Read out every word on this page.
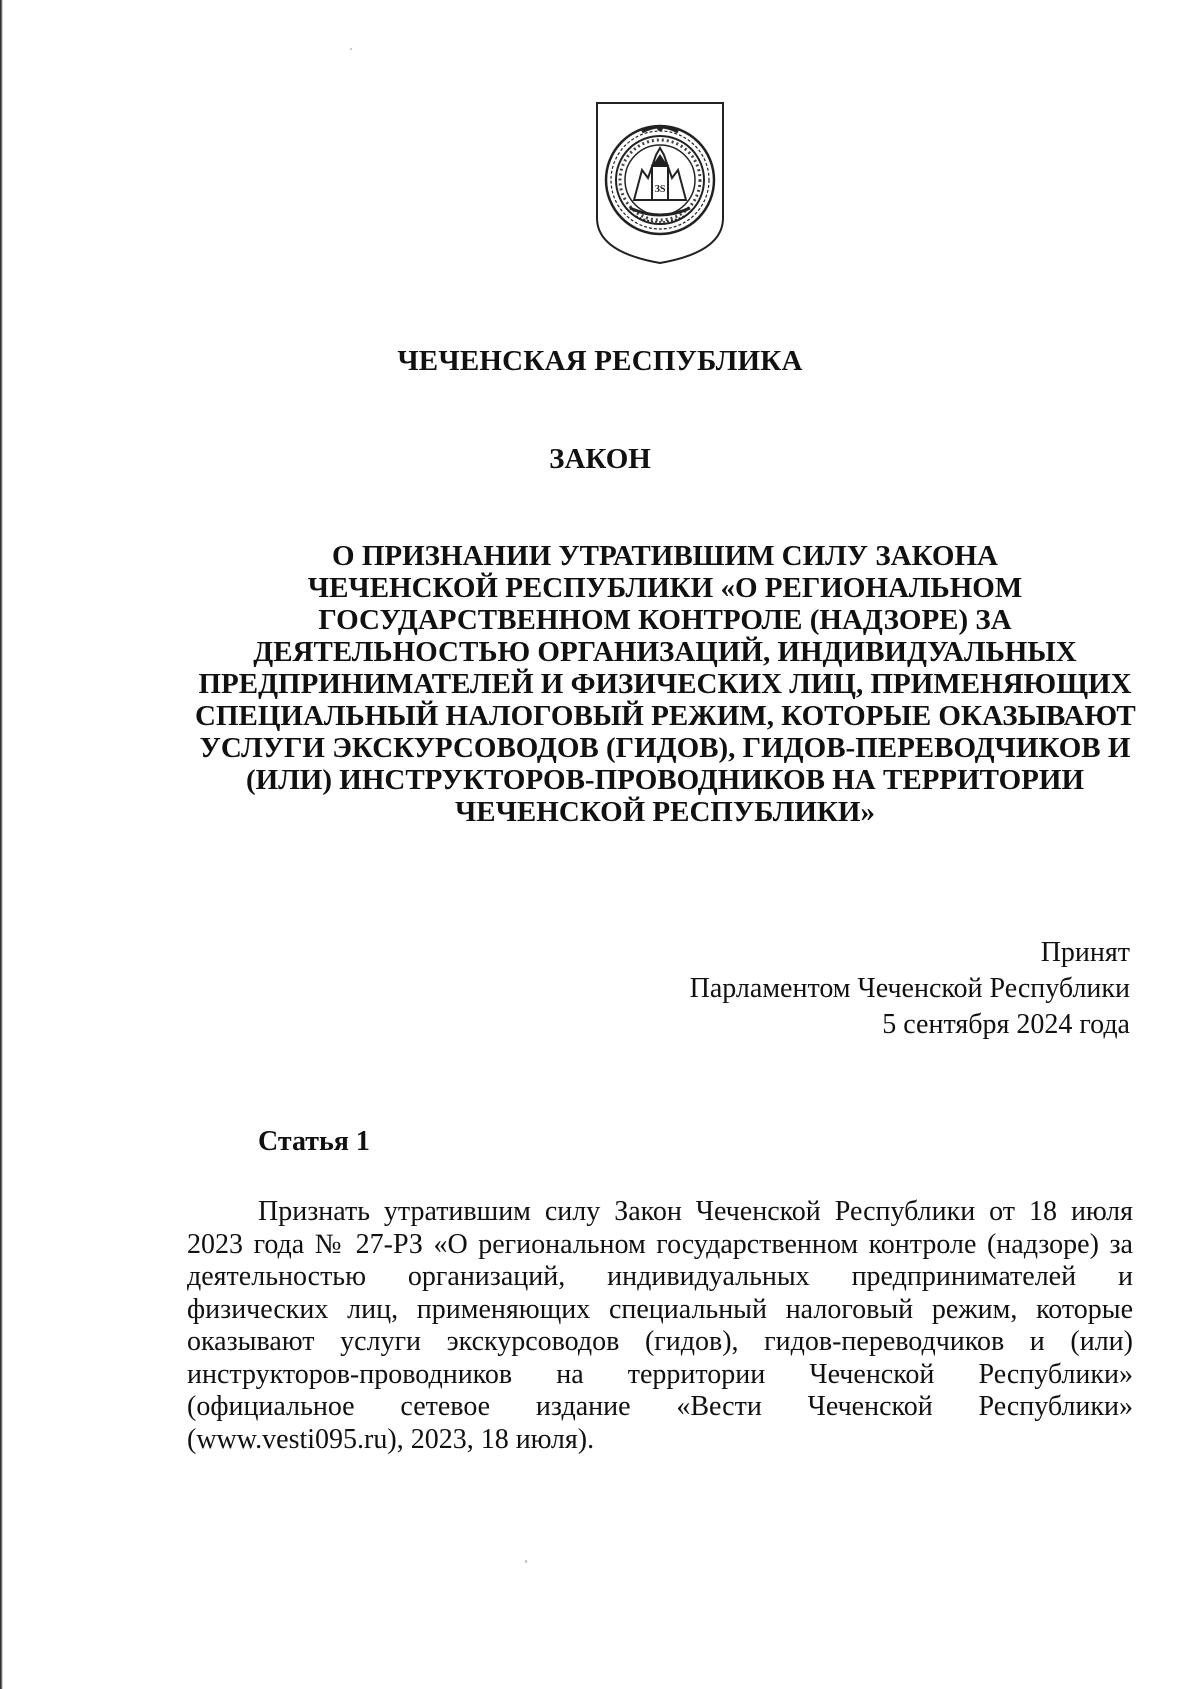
ЗЅ
ЧЕЧЕНСКАЯ РЕСПУБЛИКА
ЗАКОН
О ПРИЗНАНИИ УТРАТИВШИМ СИЛУ ЗАКОНА
ЧЕЧЕНСКОЙ РЕСПУБЛИКИ «О РЕГИОНАЛЬНОМ
ГОСУДАРСТВЕННОМ КОНТРОЛЕ (НАДЗОРЕ) ЗА
ДЕЯТЕЛЬНОСТЬЮ ОРГАНИЗАЦИЙ, ИНДИВИДУАЛЬНЫХ
ПРЕДПРИНИМАТЕЛЕЙ И ФИЗИЧЕСКИХ ЛИЦ, ПРИМЕНЯЮЩИХ
СПЕЦИАЛЬНЫЙ НАЛОГОВЫЙ РЕЖИМ, КОТОРЫЕ ОКАЗЫВАЮТ
УСЛУГИ ЭКСКУРСОВОДОВ (ГИДОВ), ГИДОВ-ПЕРЕВОДЧИКОВ И
(ИЛИ) ИНСТРУКТОРОВ-ПРОВОДНИКОВ НА ТЕРРИТОРИИ
ЧЕЧЕНСКОЙ РЕСПУБЛИКИ»
Принят
Парламентом Чеченской Республики
5 сентября 2024 года
Статья 1
Признать утратившим силу Закон Чеченской Республики от 18 июля
2023 года № 27-РЗ «О региональном государственном контроле (надзоре) за
деятельностью организаций, индивидуальных предпринимателей и
физических лиц, применяющих специальный налоговый режим, которые
оказывают услуги экскурсоводов (гидов), гидов-переводчиков и (или)
инструкторов-проводников на территории Чеченской Республики»
(официальное сетевое издание «Вести Чеченской Республики»
(www.vesti095.ru), 2023, 18 июля).
